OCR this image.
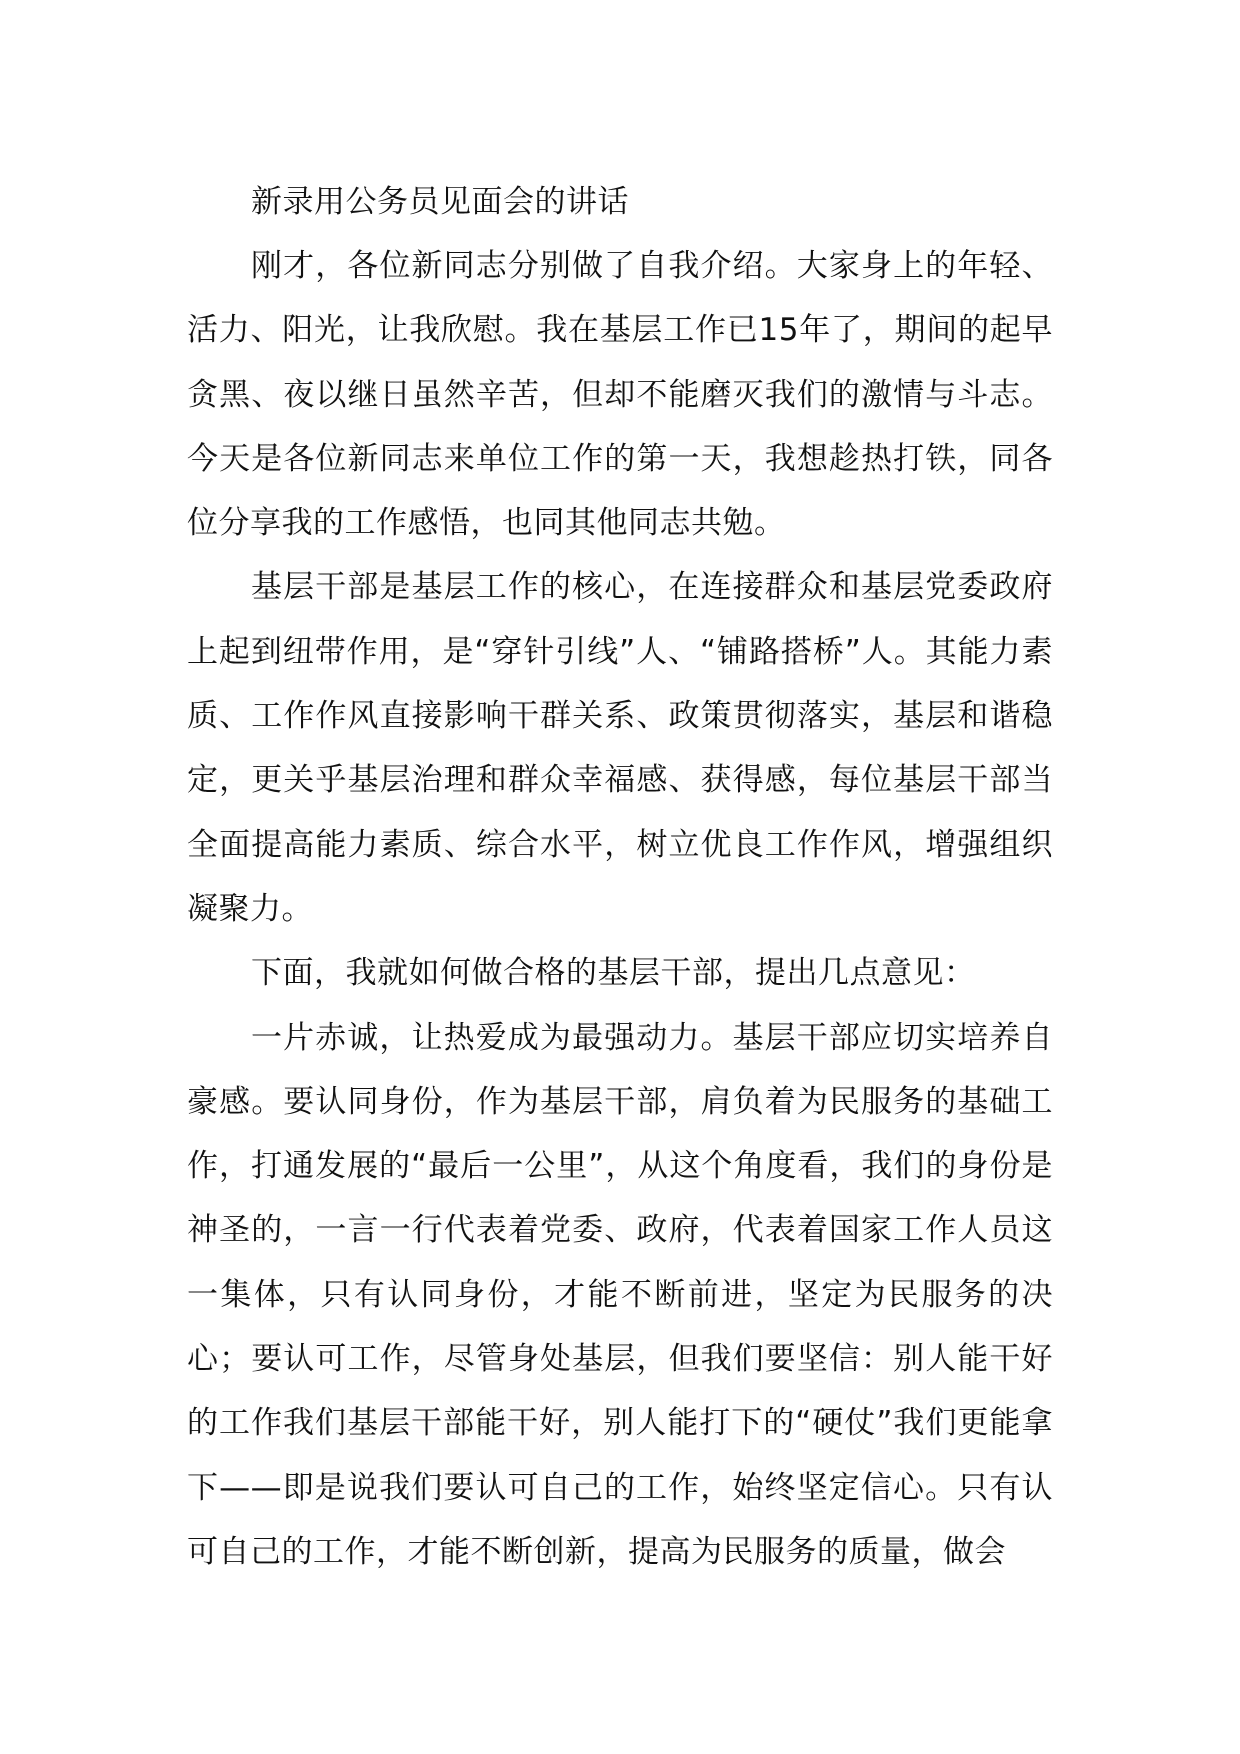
新录用公务员见面会的讲话

刚才，各位新同志分别做了自我介绍。大家身上的年轻、活力、阳光，让我欣慰。我在基层工作已15年了，期间的起早贪黑、夜以继日虽然辛苦，但却不能磨灭我们的激情与斗志。今天是各位新同志来单位工作的第一天，我想趁热打铁，同各位分享我的工作感悟，也同其他同志共勉。

基层干部是基层工作的核心，在连接群众和基层党委政府上起到纽带作用，是“穿针引线”人、“铺路搭桥”人。其能力素质、工作作风直接影响干群关系、政策贯彻落实，基层和谐稳定，更关乎基层治理和群众幸福感、获得感，每位基层干部当全面提高能力素质、综合水平，树立优良工作作风，增强组织凝聚力。

下面，我就如何做合格的基层干部，提出几点意见：

一片赤诚，让热爱成为最强动力。基层干部应切实培养自豪感。要认同身份，作为基层干部，肩负着为民服务的基础工作，打通发展的“最后一公里”，从这个角度看，我们的身份是神圣的，一言一行代表着党委、政府，代表着国家工作人员这一集体，只有认同身份，才能不断前进，坚定为民服务的决心；要认可工作，尽管身处基层，但我们要坚信：别人能干好的工作我们基层干部能干好，别人能打下的“硬仗”我们更能拿下——即是说我们要认可自己的工作，始终坚定信心。只有认可自己的工作，才能不断创新，提高为民服务的质量，做会
